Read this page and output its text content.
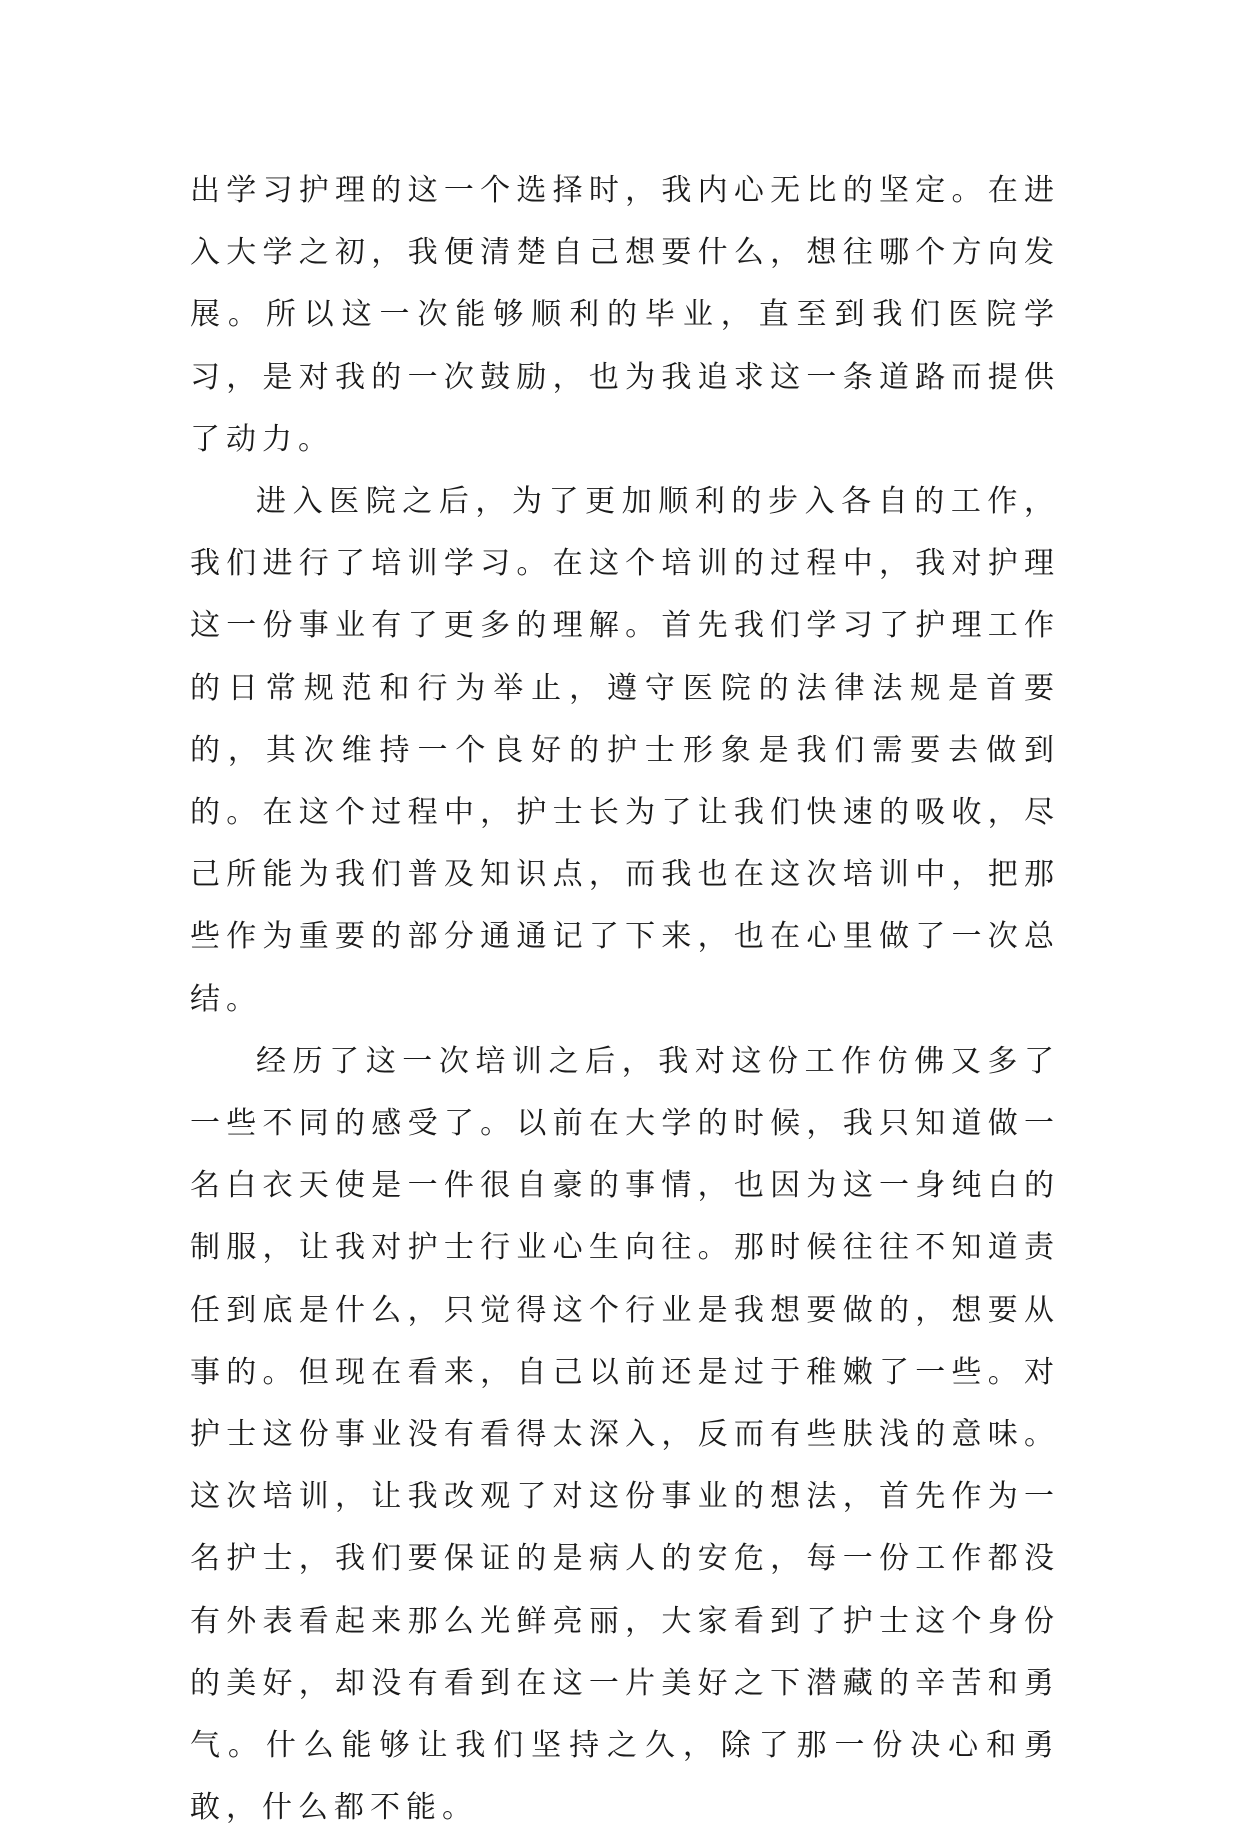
出学习护理的这一个选择时，我内心无比的坚定。在进入大学之初，我便清楚自己想要什么，想往哪个方向发展。所以这一次能够顺利的毕业，直至到我们医院学习，是对我的一次鼓励，也为我追求这一条道路而提供了动力。

进入医院之后，为了更加顺利的步入各自的工作，我们进行了培训学习。在这个培训的过程中，我对护理这一份事业有了更多的理解。首先我们学习了护理工作的日常规范和行为举止，遵守医院的法律法规是首要的，其次维持一个良好的护士形象是我们需要去做到的。在这个过程中，护士长为了让我们快速的吸收，尽己所能为我们普及知识点，而我也在这次培训中，把那些作为重要的部分通通记了下来，也在心里做了一次总结。

经历了这一次培训之后，我对这份工作仿佛又多了一些不同的感受了。以前在大学的时候，我只知道做一名白衣天使是一件很自豪的事情，也因为这一身纯白的制服，让我对护士行业心生向往。那时候往往不知道责任到底是什么，只觉得这个行业是我想要做的，想要从事的。但现在看来，自己以前还是过于稚嫩了一些。对护士这份事业没有看得太深入，反而有些肤浅的意味。这次培训，让我改观了对这份事业的想法，首先作为一名护士，我们要保证的是病人的安危，每一份工作都没有外表看起来那么光鲜亮丽，大家看到了护士这个身份的美好，却没有看到在这一片美好之下潜藏的辛苦和勇气。什么能够让我们坚持之久，除了那一份决心和勇敢，什么都不能。
